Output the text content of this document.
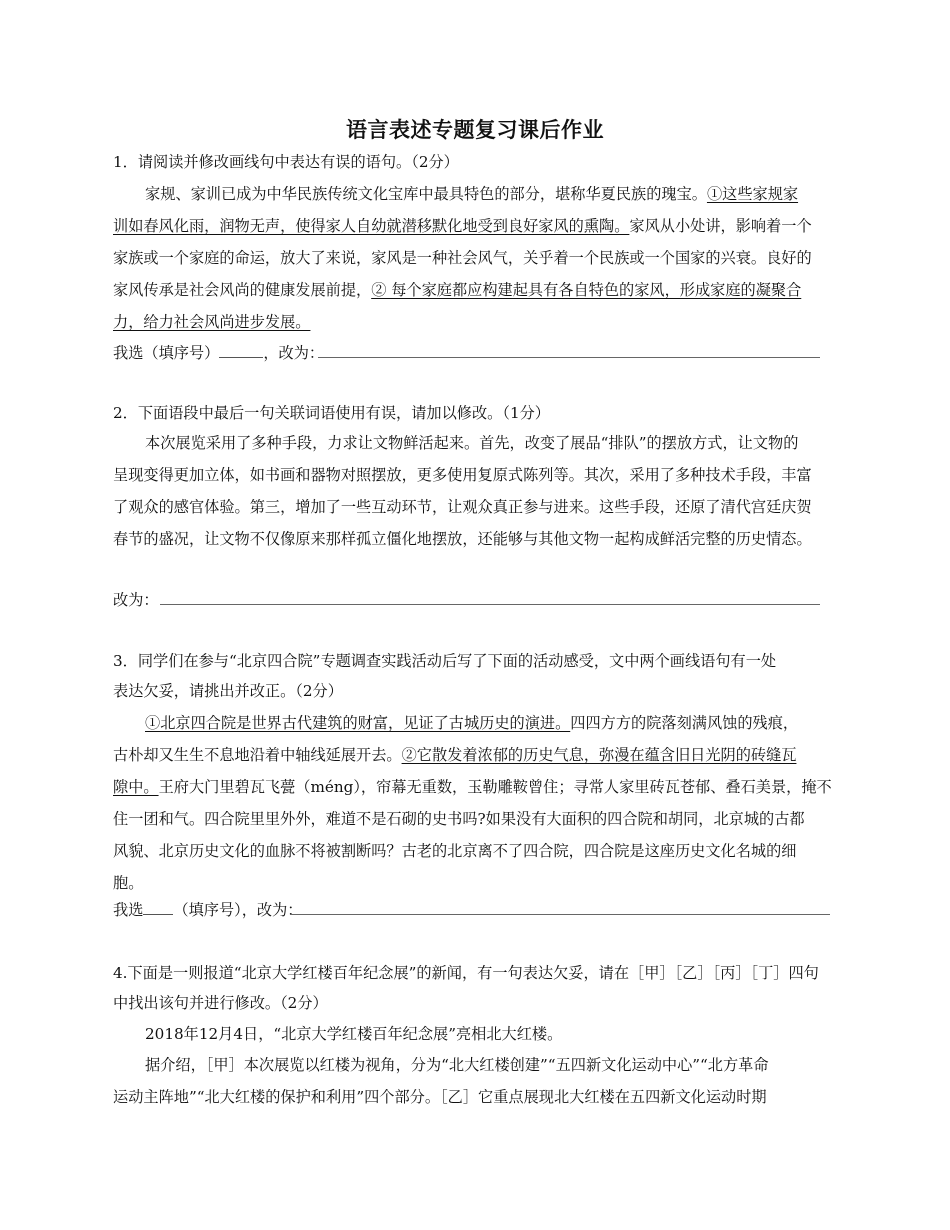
语言表述专题复习课后作业
1．请阅读并修改画线句中表达有误的语句。（2分）
家规、家训已成为中华民族传统文化宝库中最具特色的部分，堪称华夏民族的瑰宝。①这些家规家
训如春风化雨，润物无声，使得家人自幼就潜移默化地受到良好家风的熏陶。家风从小处讲，影响着一个
家族或一个家庭的命运，放大了来说，家风是一种社会风气，关乎着一个民族或一个国家的兴衰。良好的
家风传承是社会风尚的健康发展前提，② 每个家庭都应构建起具有各自特色的家风，形成家庭的凝聚合
力，给力社会风尚进步发展。
我选（填序号）	，改为：
2．下面语段中最后一句关联词语使用有误，请加以修改。（1分）
本次展览采用了多种手段，力求让文物鲜活起来。首先，改变了展品“排队”的摆放方式，让文物的
呈现变得更加立体，如书画和器物对照摆放，更多使用复原式陈列等。其次，采用了多种技术手段，丰富
了观众的感官体验。第三，增加了一些互动环节，让观众真正参与进来。这些手段，还原了清代宫廷庆贺
春节的盛况，让文物不仅像原来那样孤立僵化地摆放，还能够与其他文物一起构成鲜活完整的历史情态。
改为：
3．同学们在参与“北京四合院”专题调查实践活动后写了下面的活动感受，文中两个画线语句有一处
表达欠妥，请挑出并改正。（2分）
①北京四合院是世界古代建筑的财富，见证了古城历史的演进。四四方方的院落刻满风蚀的残痕，
古朴却又生生不息地沿着中轴线延展开去。②它散发着浓郁的历史气息，弥漫在蕴含旧日光阴的砖缝瓦
隙中。王府大门里碧瓦飞甍（méng），帘幕无重数，玉勒雕鞍曾住；寻常人家里砖瓦苍郁、叠石美景，掩不
住一团和气。四合院里里外外，难道不是石砌的史书吗?如果没有大面积的四合院和胡同，北京城的古都
风貌、北京历史文化的血脉不将被割断吗？古老的北京离不了四合院，四合院是这座历史文化名城的细
胞。
我选 （填序号），改为：
4.下面是一则报道“北京大学红楼百年纪念展”的新闻，有一句表达欠妥，请在［甲］［乙］［丙］［丁］四句
中找出该句并进行修改。（2分）
2018年12月4日，“北京大学红楼百年纪念展”亮相北大红楼。
据介绍，［甲］本次展览以红楼为视角，分为“北大红楼创建”“五四新文化运动中心”“北方革命
运动主阵地”“北大红楼的保护和利用”四个部分。［乙］它重点展现北大红楼在五四新文化运动时期
